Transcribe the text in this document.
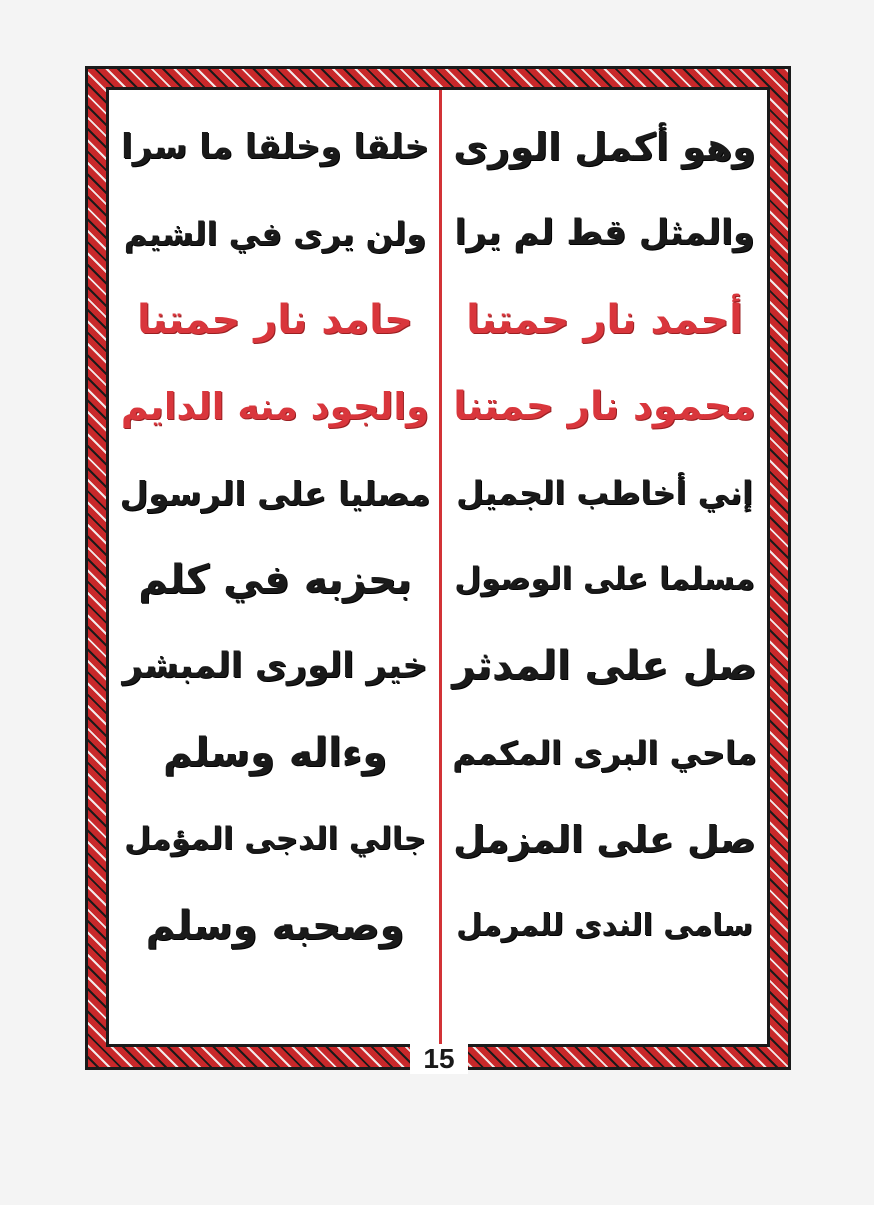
وهو أكمل الورى
خلقا وخلقا ما سرا
والمثل قط لم يرا
ولن يرى في الشيم
أحمد نار حمتنا
حامد نار حمتنا
محمود نار حمتنا
والجود منه الدايم
إني أخاطب الجميل
مصليا على الرسول
مسلما على الوصول
بحزبه في كلم
صل على المدثر
خير الورى المبشر
ماحي البرى المكمم
وءاله وسلم
صل على المزمل
جالي الدجى المؤمل
سامى الندى للمرمل
وصحبه وسلم
15
